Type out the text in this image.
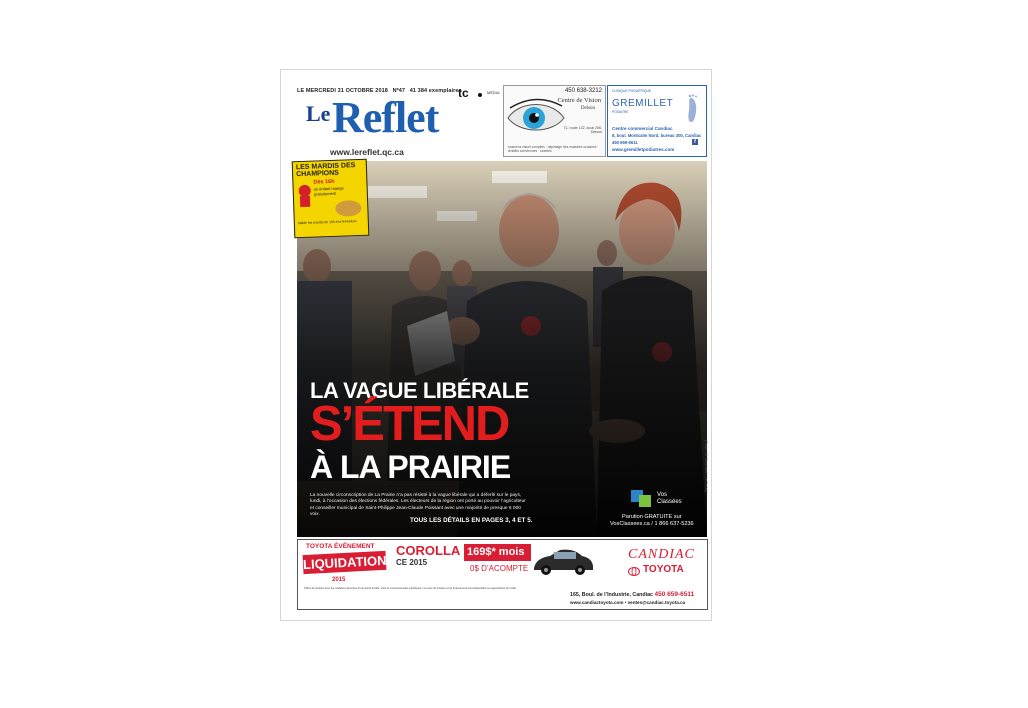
LE MERCREDI 31 OCTOBRE 2018 Nº47 41 384 exemplaires
tc	MÉDIA
Le Reflet
www.lereflet.qc.ca
450 638-3212
Centre de Vision
Delson
71, route 132, local 206, Delson
examens visuel complets · dépistage des maladies oculaires · lentilles cornéennes · lunettes
CLINIQUE PODIATRIQUE
GREMILLET
PODIATRE
Centre commercial Candiac
8, boul. Montcalm Nord, bureau 300, Candiac
450 659-6611
www.gremilletpodiatres.com
f
LES MARDIS DES CHAMPIONS
Dès 16h
un enfant mange gratuitement
Valide les mardis de 16h à la fermeture
LA VAGUE LIBÉRALE
S’ÉTEND
À LA PRAIRIE
La nouvelle circonscription de La Prairie n’a pas résisté à la vague libérale qui a déferlé sur le pays, lundi, à l’occasion des élections fédérales. Les électeurs de la région ont porté au pouvoir l’agriculteur et conseiller municipal de Saint-Philippe Jean-Claude Poissant avec une majorité de presque 6 000 voix.
TOUS LES DÉTAILS EN PAGES 3, 4 ET 5.
Vos
Classées
Parution GRATUITE sur
VosClassees.ca / 1 866 637-5236
(Photo : M. Bouchard – Le Reflet)
TOYOTA ÉVÈNEMENT
LIQUIDATION
2015
COROLLA
CE 2015
169$* mois
0$ D’ACOMPTE
Offres de location pour les modèles présentés d'une durée limitée, chez le concessionnaire participant. Les taux de location et de financement sont disponibles sur approbation du crédit.
CANDIAC
TOYOTA
165, Boul. de l’Industrie, Candiac 450 659-6511
www.candiactoyota.com • ventes@candiac.toyota.ca
